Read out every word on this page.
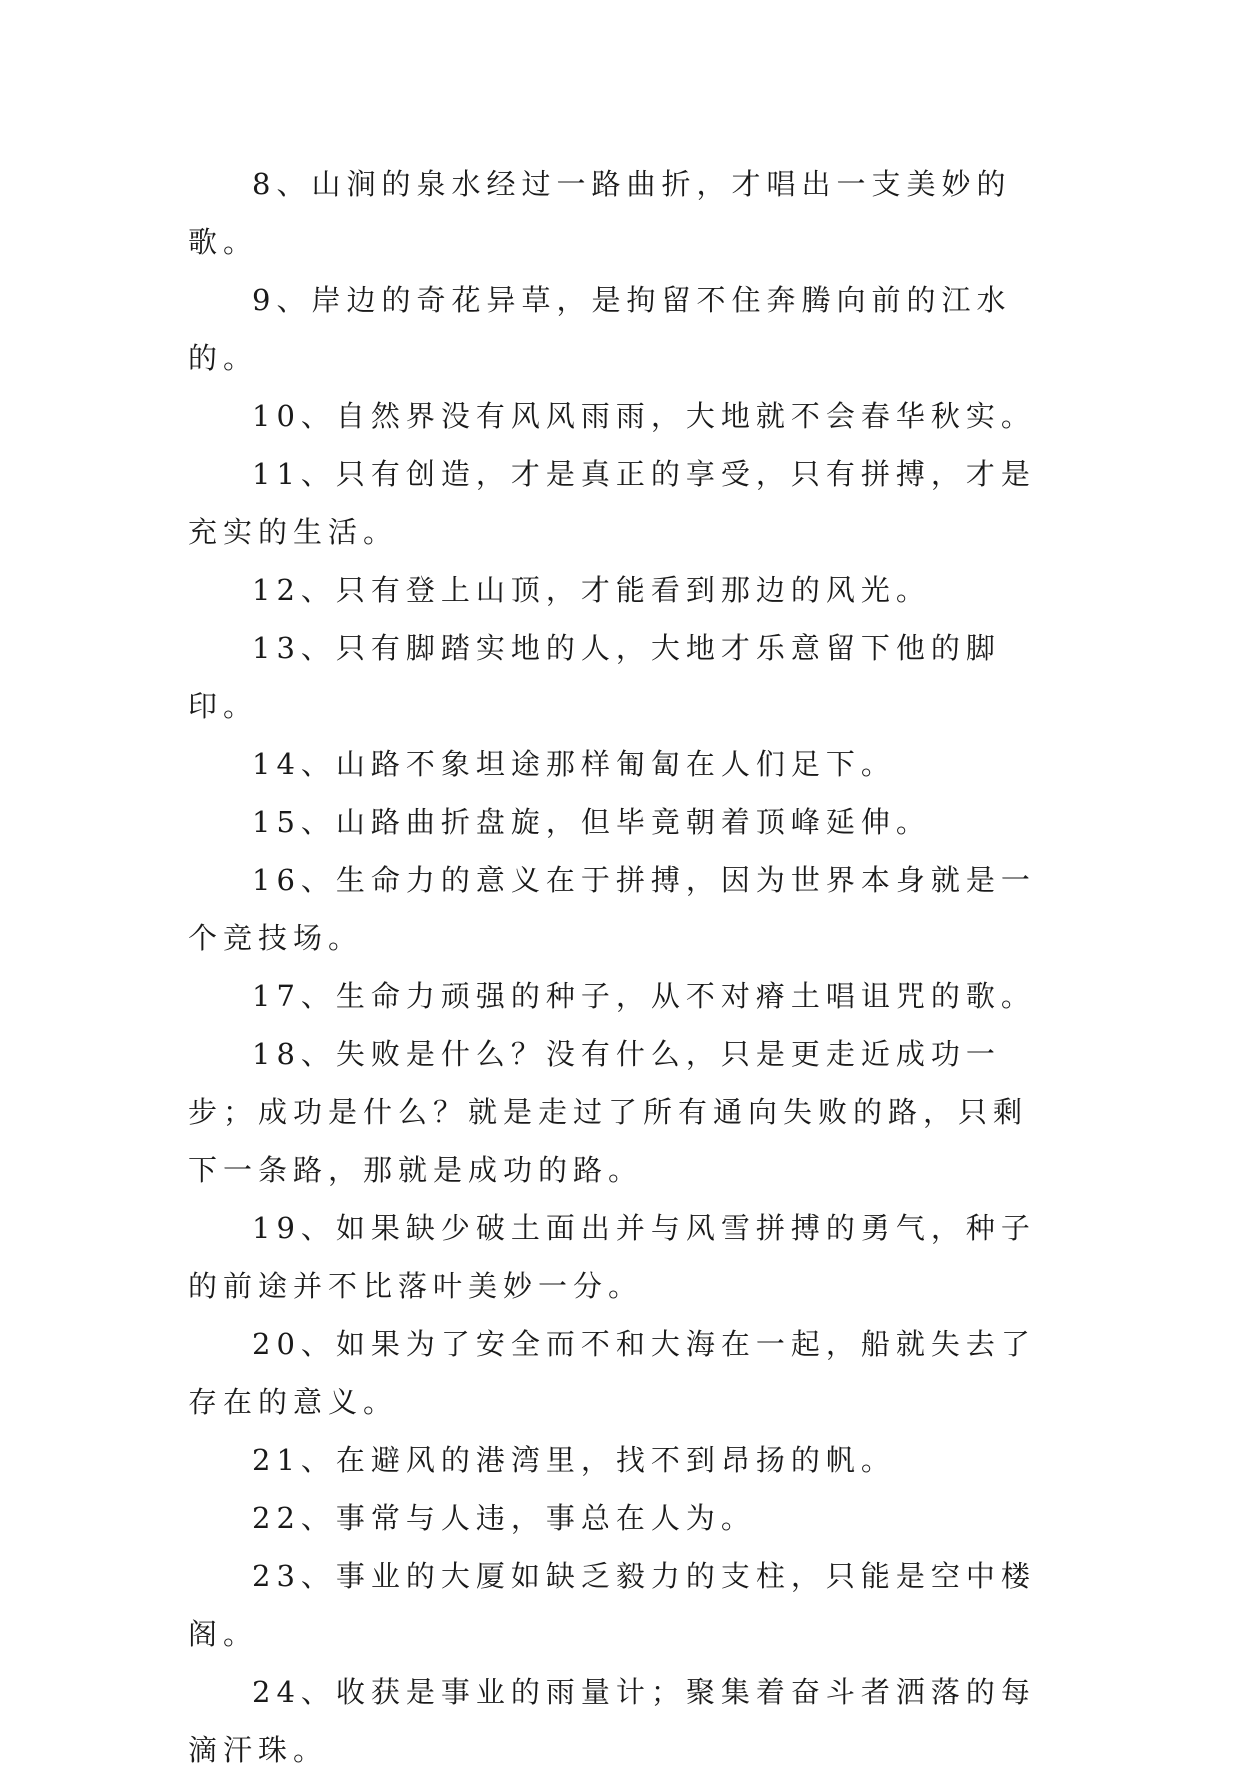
8、山涧的泉水经过一路曲折，才唱出一支美妙的歌。

9、岸边的奇花异草，是拘留不住奔腾向前的江水的。

10、自然界没有风风雨雨，大地就不会春华秋实。

11、只有创造，才是真正的享受，只有拼搏，才是充实的生活。

12、只有登上山顶，才能看到那边的风光。

13、只有脚踏实地的人，大地才乐意留下他的脚印。

14、山路不象坦途那样匍匐在人们足下。

15、山路曲折盘旋，但毕竟朝着顶峰延伸。

16、生命力的意义在于拼搏，因为世界本身就是一个竞技场。

17、生命力顽强的种子，从不对瘠土唱诅咒的歌。

18、失败是什么？没有什么，只是更走近成功一步；成功是什么？就是走过了所有通向失败的路，只剩下一条路，那就是成功的路。

19、如果缺少破土面出并与风雪拼搏的勇气，种子的前途并不比落叶美妙一分。

20、如果为了安全而不和大海在一起，船就失去了存在的意义。

21、在避风的港湾里，找不到昂扬的帆。

22、事常与人违，事总在人为。

23、事业的大厦如缺乏毅力的支柱，只能是空中楼阁。

24、收获是事业的雨量计；聚集着奋斗者洒落的每滴汗珠。
